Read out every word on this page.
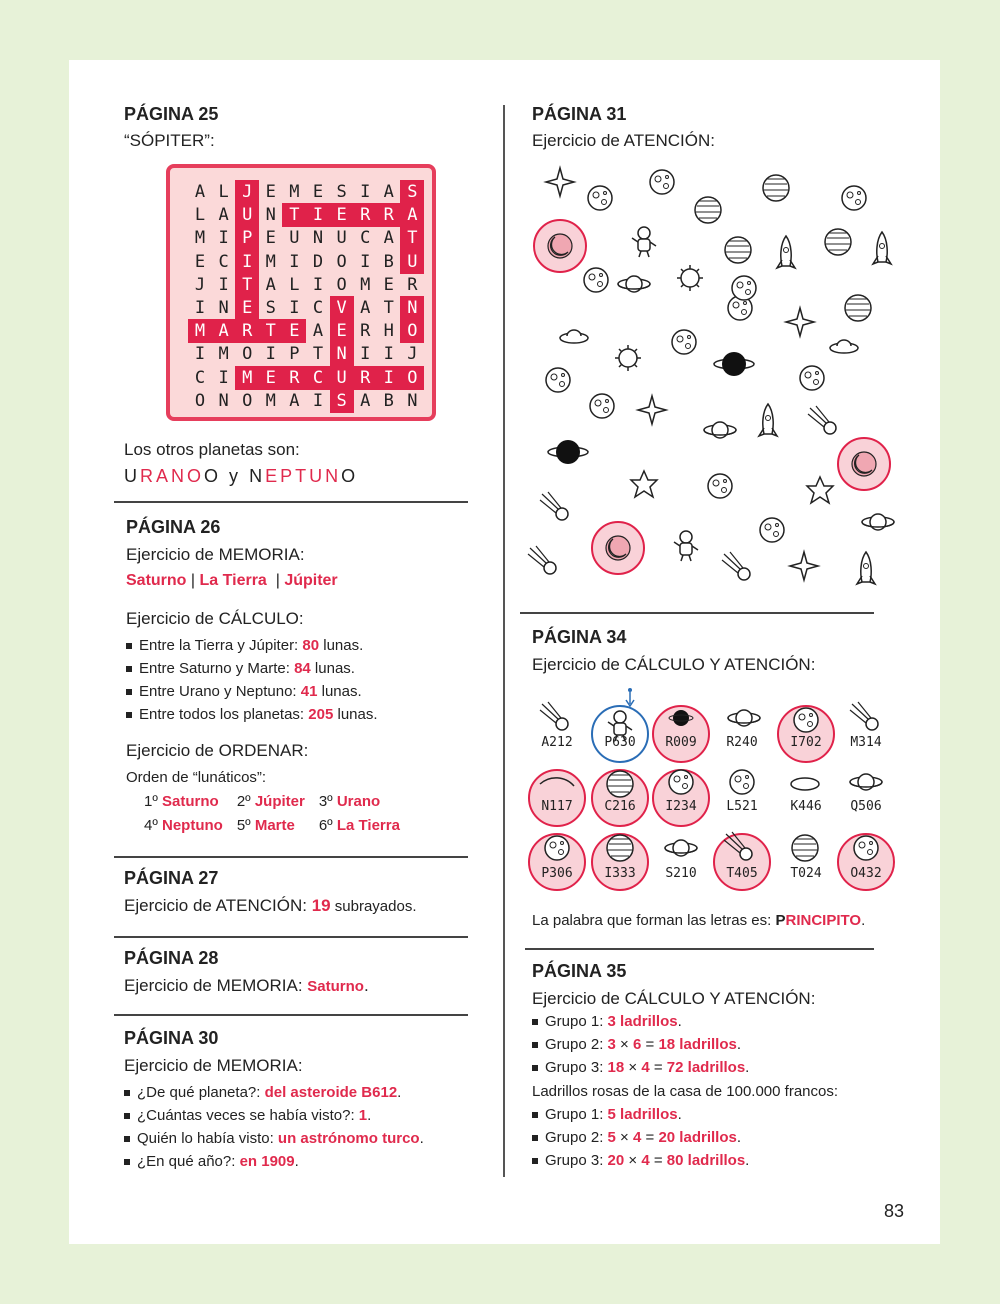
PÁGINA 25
“SÓPITER”:
A L J E M E S I A S
L A U N T I E R R A
M I P E U N U C A T
E C I M I D O I B U
J I T A L I O M E R
I N E S I C V A T N
M A R T E A E R H O
I M O I P T N I I J
C I M E R C U R I O
O N O M A I S A B N
Los otros planetas son:
URANOO y NEPTUNO
PÁGINA 26
Ejercicio de MEMORIA:
Saturno | La Tierra | Júpiter
Ejercicio de CÁLCULO:
Entre la Tierra y Júpiter: 80 lunas.
Entre Saturno y Marte: 84 lunas.
Entre Urano y Neptuno: 41 lunas.
Entre todos los planetas: 205 lunas.
Ejercicio de ORDENAR:
Orden de “lunáticos”:
1º Saturno	2º Júpiter	3º Urano
4º Neptuno	5º Marte	6º La Tierra
PÁGINA 27
Ejercicio de ATENCIÓN: 19 subrayados.
PÁGINA 28
Ejercicio de MEMORIA: Saturno.
PÁGINA 30
Ejercicio de MEMORIA:
¿De qué planeta?: del asteroide B612.
¿Cuántas veces se había visto?: 1.
Quién lo había visto: un astrónomo turco.
¿En qué año?: en 1909.
PÁGINA 31
Ejercicio de ATENCIÓN:
PÁGINA 34
Ejercicio de CÁLCULO Y ATENCIÓN:
A212	P630	R009	R240	I702	M314
N117	C216	I234	L521	K446	Q506
P306	I333	S210	T405	T024	O432
La palabra que forman las letras es: PRINCIPITO.
PÁGINA 35
Ejercicio de CÁLCULO Y ATENCIÓN:
Grupo 1: 3 ladrillos.
Grupo 2: 3 × 6 = 18 ladrillos.
Grupo 3: 18 × 4 = 72 ladrillos.
Ladrillos rosas de la casa de 100.000 francos:
Grupo 1: 5 ladrillos.
Grupo 2: 5 × 4 = 20 ladrillos.
Grupo 3: 20 × 4 = 80 ladrillos.
83
